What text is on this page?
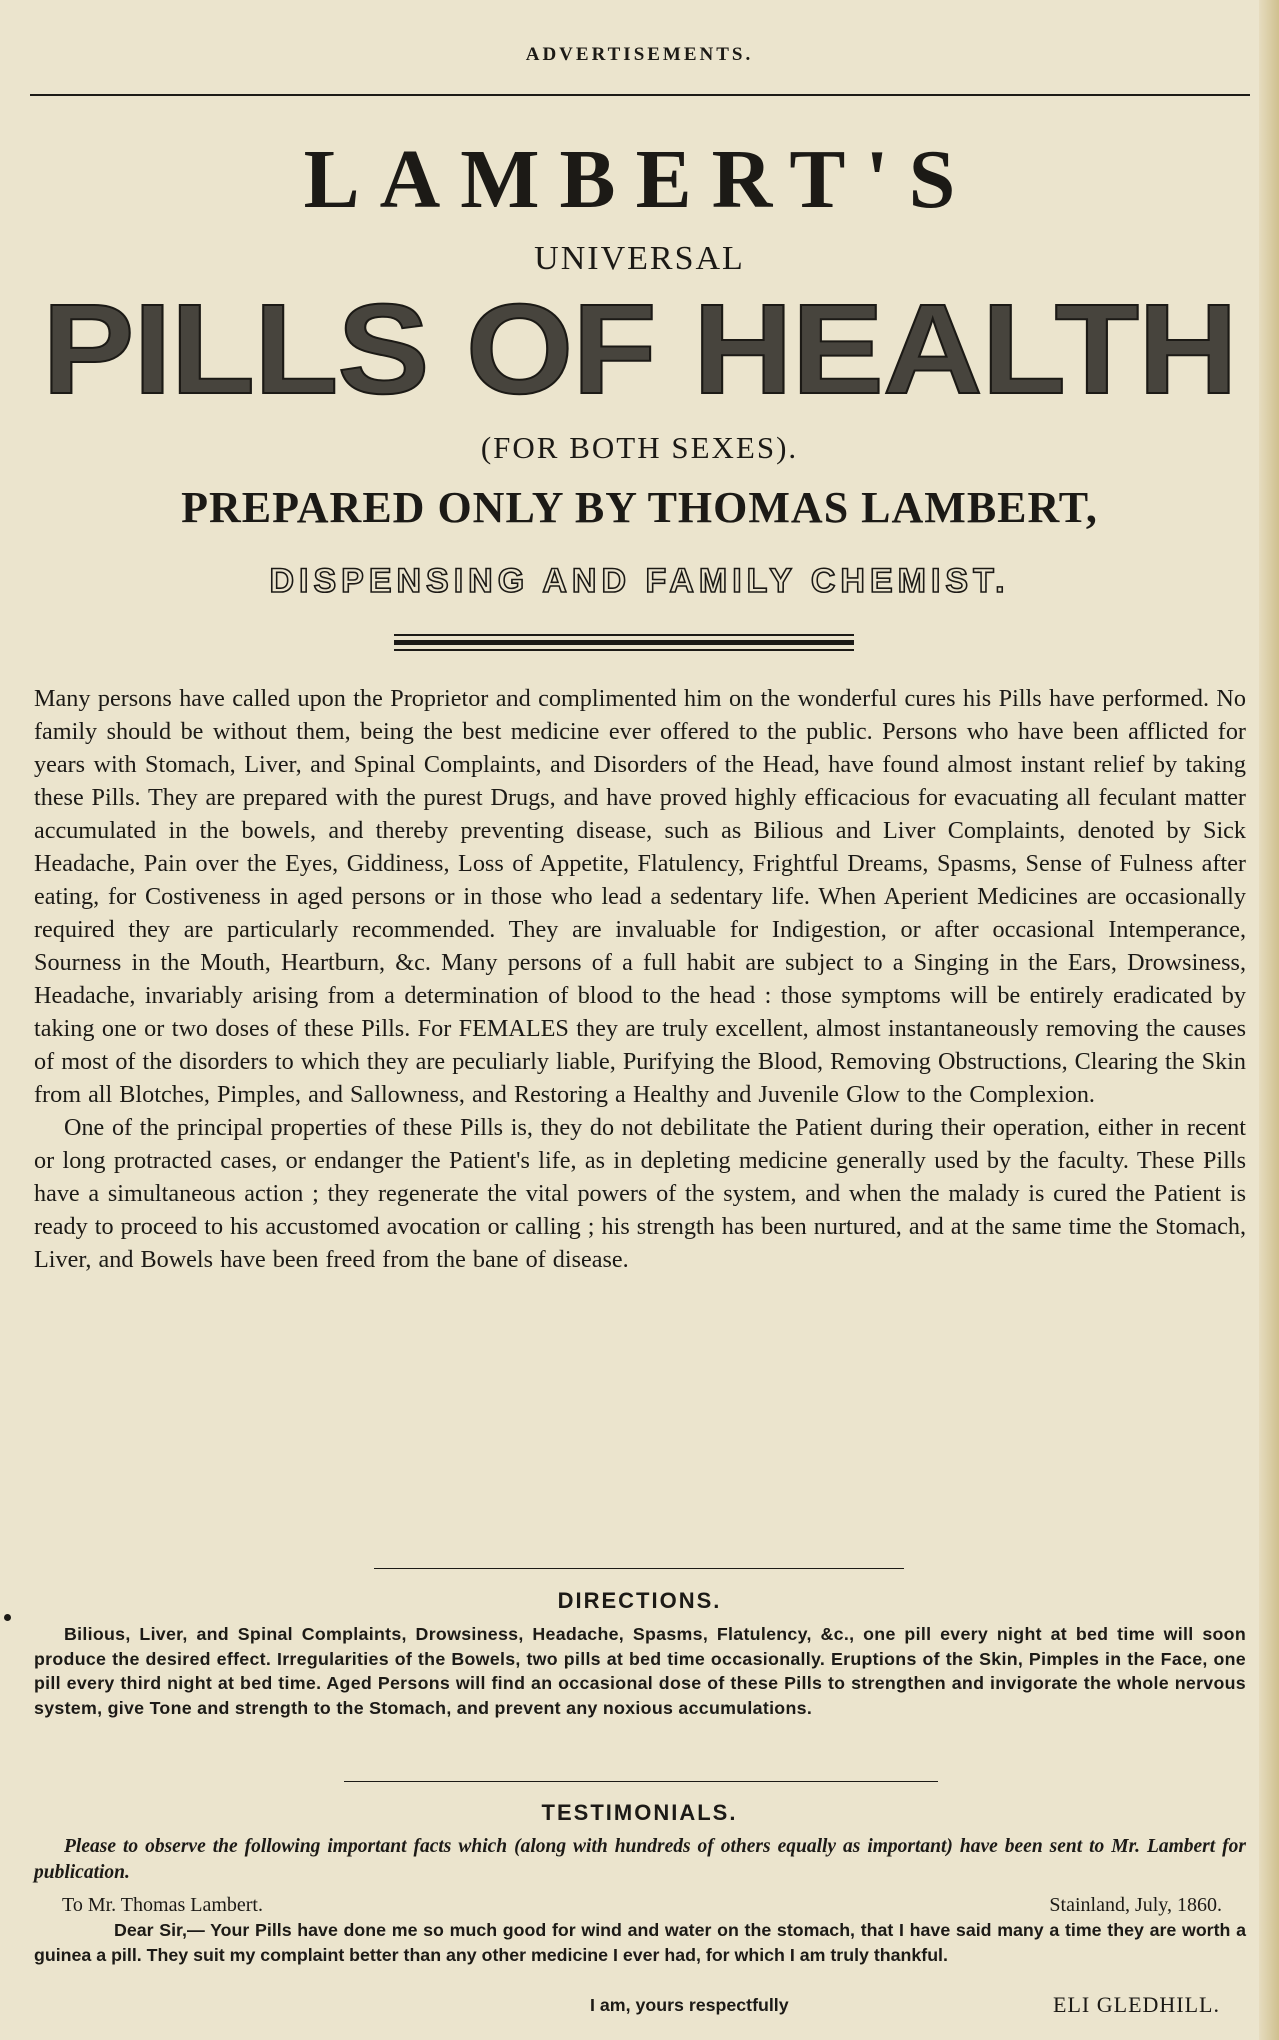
ADVERTISEMENTS.
LAMBERT'S
UNIVERSAL
PILLS OF HEALTH
(FOR BOTH SEXES).
PREPARED ONLY BY THOMAS LAMBERT,
DISPENSING AND FAMILY CHEMIST.

Many persons have called upon the Proprietor and complimented him on the wonderful cures his Pills have performed. No family should be without them, being the best medicine ever offered to the public. Persons who have been afflicted for years with Stomach, Liver, and Spinal Complaints, and Disorders of the Head, have found almost instant relief by taking these Pills. They are prepared with the purest Drugs, and have proved highly efficacious for evacuating all feculant matter accumulated in the bowels, and thereby preventing disease, such as Bilious and Liver Complaints, denoted by Sick Headache, Pain over the Eyes, Giddiness, Loss of Appetite, Flatulency, Frightful Dreams, Spasms, Sense of Fulness after eating, for Costiveness in aged persons or in those who lead a sedentary life. When Aperient Medicines are occasionally required they are particularly recommended. They are invaluable for Indigestion, or after occasional Intemperance, Sourness in the Mouth, Heartburn, &c. Many persons of a full habit are subject to a Singing in the Ears, Drowsiness, Headache, invariably arising from a determination of blood to the head : those symptoms will be entirely eradicated by taking one or two doses of these Pills. For FEMALES they are truly excellent, almost instantaneously removing the causes of most of the disorders to which they are peculiarly liable, Purifying the Blood, Removing Obstructions, Clearing the Skin from all Blotches, Pimples, and Sallowness, and Restoring a Healthy and Juvenile Glow to the Complexion.

One of the principal properties of these Pills is, they do not debilitate the Patient during their operation, either in recent or long protracted cases, or endanger the Patient's life, as in depleting medicine generally used by the faculty. These Pills have a simultaneous action ; they regenerate the vital powers of the system, and when the malady is cured the Patient is ready to proceed to his accustomed avocation or calling ; his strength has been nurtured, and at the same time the Stomach, Liver, and Bowels have been freed from the bane of disease.

DIRECTIONS.

Bilious, Liver, and Spinal Complaints, Drowsiness, Headache, Spasms, Flatulency, &c., one pill every night at bed time will soon produce the desired effect. Irregularities of the Bowels, two pills at bed time occasionally. Eruptions of the Skin, Pimples in the Face, one pill every third night at bed time. Aged Persons will find an occasional dose of these Pills to strengthen and invigorate the whole nervous system, give Tone and strength to the Stomach, and prevent any noxious accumulations.

TESTIMONIALS.

Please to observe the following important facts which (along with hundreds of others equally as important) have been sent to Mr. Lambert for publication.

To Mr. Thomas Lambert.	Stainland, July, 1860.

Dear Sir,— Your Pills have done me so much good for wind and water on the stomach, that I have said many a time they are worth a guinea a pill. They suit my complaint better than any other medicine I ever had, for which I am truly thankful.

I am, yours respectfully	ELI GLEDHILL.
